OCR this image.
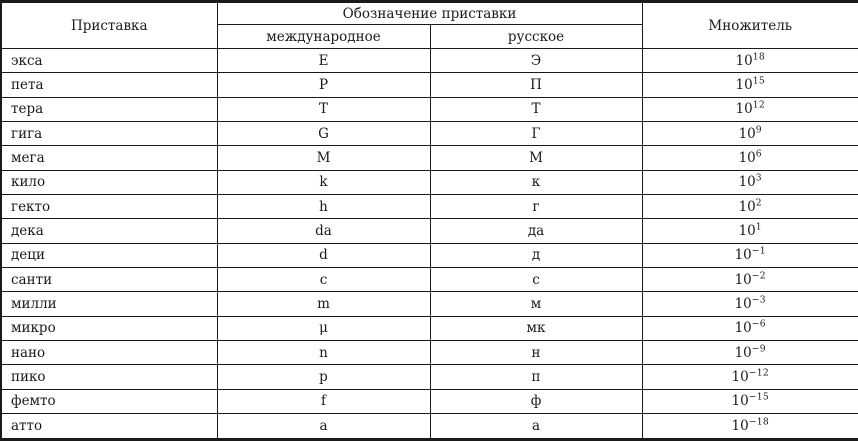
Приставка	Обозначение приставки		Множитель
	международное	русское	
экса	E	Э	$10^{18}$
пета	P	П	$10^{15}$
тера	T	Т	$10^{12}$
гига	G	Г	$10^9$
мега	M	М	$10^6$
кило	k	к	$10^3$
гекто	h	г	$10^2$
дека	da	да	$10^1$
деци	d	д	$10^{-1}$
санти	c	с	$10^{-2}$
милли	m	м	$10^{-3}$
микро	μ	мк	$10^{-6}$
нано	n	н	$10^{-9}$
пико	p	п	$10^{-12}$
фемто	f	ф	$10^{-15}$
атто	a	а	$10^{-18}$
